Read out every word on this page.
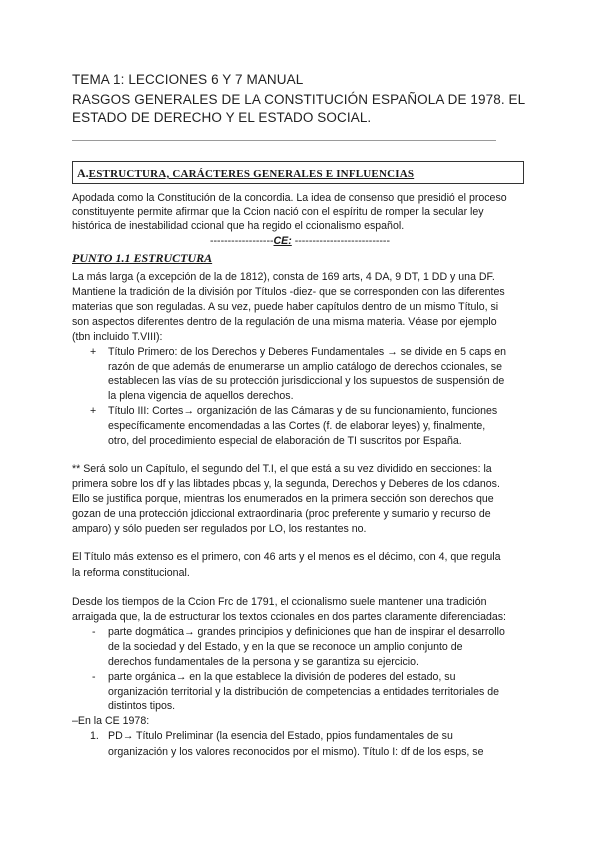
TEMA 1: LECCIONES 6 Y 7 MANUAL
RASGOS GENERALES DE LA CONSTITUCIÓN ESPAÑOLA DE 1978. EL
ESTADO DE DERECHO Y EL ESTADO SOCIAL.
A.ESTRUCTURA, CARÁCTERES GENERALES E INFLUENCIAS
Apodada como la Constitución de la concordia. La idea de consenso que presidió el proceso
constituyente permite afirmar que la Ccion nació con el espíritu de romper la secular ley
histórica de inestabilidad ccional que ha regido el ccionalismo español.
------------------CE: ---------------------------
PUNTO 1.1 ESTRUCTURA
La más larga (a excepción de la de 1812), consta de 169 arts, 4 DA, 9 DT, 1 DD y una DF.
Mantiene la tradición de la división por Títulos -diez- que se corresponden con las diferentes
materias que son reguladas. A su vez, puede haber capítulos dentro de un mismo Título, si
son aspectos diferentes dentro de la regulación de una misma materia. Véase por ejemplo
(tbn incluido T.VIII):
+ Título Primero: de los Derechos y Deberes Fundamentales → se divide en 5 caps en
razón de que además de enumerarse un amplio catálogo de derechos ccionales, se
establecen las vías de su protección jurisdiccional y los supuestos de suspensión de
la plena vigencia de aquellos derechos.
+ Título III: Cortes→ organización de las Cámaras y de su funcionamiento, funciones
específicamente encomendadas a las Cortes (f. de elaborar leyes) y, finalmente,
otro, del procedimiento especial de elaboración de TI suscritos por España.
** Será solo un Capítulo, el segundo del T.I, el que está a su vez dividido en secciones: la
primera sobre los df y las libtades pbcas y, la segunda, Derechos y Deberes de los cdanos.
Ello se justifica porque, mientras los enumerados en la primera sección son derechos que
gozan de una protección jdiccional extraordinaria (proc preferente y sumario y recurso de
amparo) y sólo pueden ser regulados por LO, los restantes no.
El Título más extenso es el primero, con 46 arts y el menos es el décimo, con 4, que regula
la reforma constitucional.
Desde los tiempos de la Ccion Frc de 1791, el ccionalismo suele mantener una tradición
arraigada que, la de estructurar los textos ccionales en dos partes claramente diferenciadas:
- parte dogmática→ grandes principios y definiciones que han de inspirar el desarrollo
de la sociedad y del Estado, y en la que se reconoce un amplio conjunto de
derechos fundamentales de la persona y se garantiza su ejercicio.
- parte orgánica→ en la que establece la división de poderes del estado, su
organización territorial y la distribución de competencias a entidades territoriales de
distintos tipos.
–En la CE 1978:
1. PD→ Título Preliminar (la esencia del Estado, ppios fundamentales de su
organización y los valores reconocidos por el mismo). Título I: df de los esps, se
